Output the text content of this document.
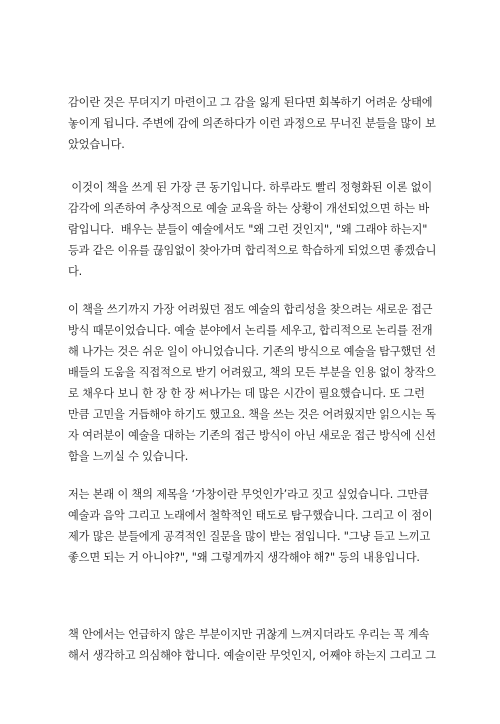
감이란 것은 무뎌지기 마련이고 그 감을 잃게 된다면 회복하기 어려운 상태에
놓이게 됩니다. 주변에 감에 의존하다가 이런 과정으로 무너진 분들을 많이 보
았었습니다.
이것이 책을 쓰게 된 가장 큰 동기입니다. 하루라도 빨리 정형화된 이론 없이
감각에 의존하여 추상적으로 예술 교육을 하는 상황이 개선되었으면 하는 바
람입니다.  배우는 분들이 예술에서도 "왜 그런 것인지", "왜 그래야 하는지"
등과 같은 이유를 끊임없이 찾아가며 합리적으로 학습하게 되었으면 좋겠습니
다.
이 책을 쓰기까지 가장 어려웠던 점도 예술의 합리성을 찾으려는 새로운 접근
방식 때문이었습니다. 예술 분야에서 논리를 세우고, 합리적으로 논리를 전개
해 나가는 것은 쉬운 일이 아니었습니다. 기존의 방식으로 예술을 탐구했던 선
배들의 도움을 직접적으로 받기 어려웠고, 책의 모든 부분을 인용 없이 창작으
로 채우다 보니 한 장 한 장 써나가는 데 많은 시간이 필요했습니다. 또 그런
만큼 고민을 거듭해야 하기도 했고요. 책을 쓰는 것은 어려웠지만 읽으시는 독
자 여러분이 예술을 대하는 기존의 접근 방식이 아닌 새로운 접근 방식에 신선
함을 느끼실 수 있습니다.
저는 본래 이 책의 제목을 ‘가창이란 무엇인가’라고 짓고 싶었습니다. 그만큼
예술과 음악 그리고 노래에서 철학적인 태도로 탐구했습니다. 그리고 이 점이
제가 많은 분들에게 공격적인 질문을 많이 받는 점입니다. "그냥 듣고 느끼고
좋으면 되는 거 아니야?", "왜 그렇게까지 생각해야 해?" 등의 내용입니다.
책 안에서는 언급하지 않은 부분이지만 귀찮게 느껴지더라도 우리는 꼭 계속
해서 생각하고 의심해야 합니다. 예술이란 무엇인지, 어째야 하는지 그리고 그
